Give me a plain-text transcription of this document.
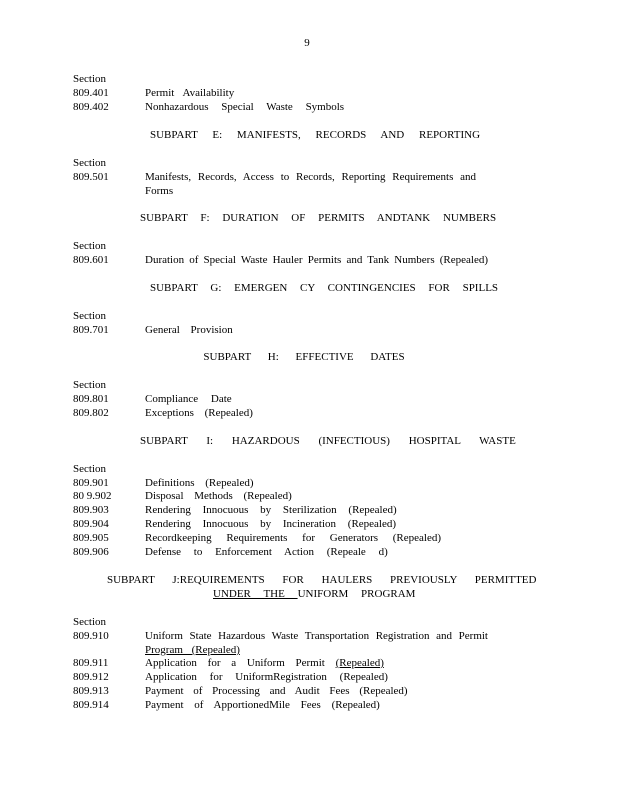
9
Section
809.401	Permit Availability
809.402	Nonhazardous Special Waste Symbols
SUBPART E: MANIFESTS, RECORDS AND REPORTING
Section
809.501	Manifests, Records, Access to Records, Reporting Requirements and
Forms
SUBPART F: DURATION OF PERMITS ANDTANK NUMBERS
Section
809.601	Duration of Special Waste Hauler Permits and Tank Numbers (Repealed)
SUBPART G: EMERGEN CY CONTINGENCIES FOR SPILLS
Section
809.701	General Provision
SUBPART H: EFFECTIVE DATES
Section
809.801	Compliance Date
809.802	Exceptions (Repealed)
SUBPART I: HAZARDOUS (INFECTIOUS) HOSPITAL WASTE
Section
809.901	Definitions (Repealed)
80 9.902	Disposal Methods (Repealed)
809.903	Rendering Innocuous by Sterilization (Repealed)
809.904	Rendering Innocuous by Incineration (Repealed)
809.905	Recordkeeping Requirements for Generators (Repealed)
809.906	Defense to Enforcement Action (Repeale d)
SUBPART J:REQUIREMENTS FOR HAULERS PREVIOUSLY PERMITTED
UNDER THE UNIFORM PROGRAM
Section
809.910	Uniform State Hazardous Waste Transportation Registration and Permit
Program (Repealed)
809.911	Application for a Uniform Permit (Repealed)
809.912	Application for UniformRegistration (Repealed)
809.913	Payment of Processing and Audit Fees (Repealed)
809.914	Payment of ApportionedMile Fees (Repealed)
